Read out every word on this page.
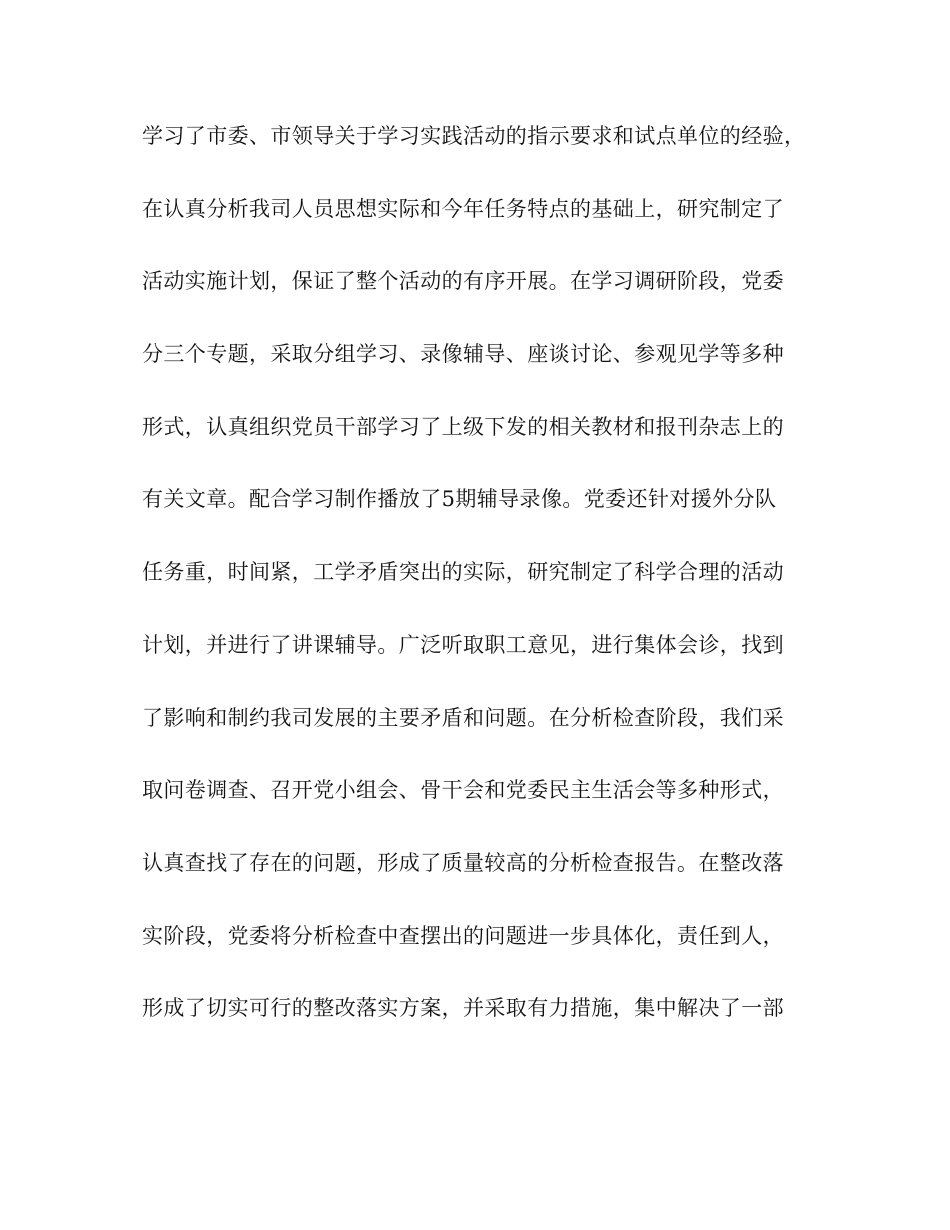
学习了市委、市领导关于学习实践活动的指示要求和试点单位的经验，

在认真分析我司人员思想实际和今年任务特点的基础上，研究制定了

活动实施计划，保证了整个活动的有序开展。在学习调研阶段，党委

分三个专题，采取分组学习、录像辅导、座谈讨论、参观见学等多种

形式，认真组织党员干部学习了上级下发的相关教材和报刊杂志上的

有关文章。配合学习制作播放了5期辅导录像。党委还针对援外分队

任务重，时间紧，工学矛盾突出的实际，研究制定了科学合理的活动

计划，并进行了讲课辅导。广泛听取职工意见，进行集体会诊，找到

了影响和制约我司发展的主要矛盾和问题。在分析检查阶段，我们采

取问卷调查、召开党小组会、骨干会和党委民主生活会等多种形式，

认真查找了存在的问题，形成了质量较高的分析检查报告。在整改落

实阶段，党委将分析检查中查摆出的问题进一步具体化，责任到人，

形成了切实可行的整改落实方案，并采取有力措施，集中解决了一部
